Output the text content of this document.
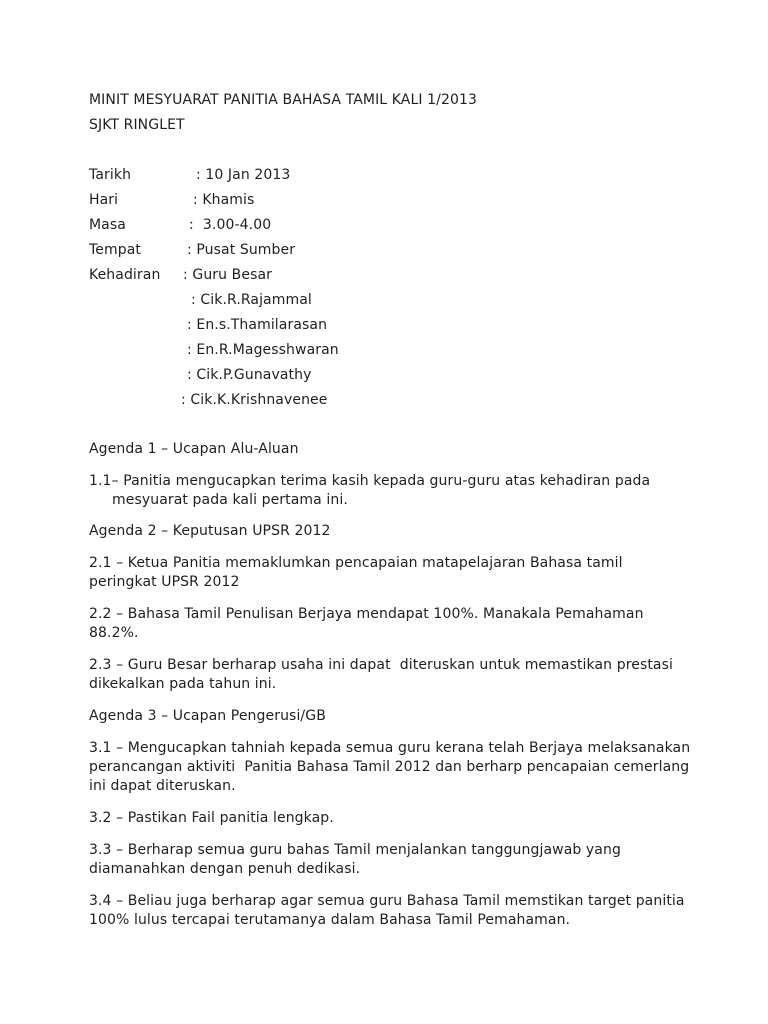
MINIT MESYUARAT PANITIA BAHASA TAMIL KALI 1/2013
SJKT RINGLET
Tarikh	: 10 Jan 2013
Hari	: Khamis
Masa	:  3.00-4.00
Tempat	: Pusat Sumber
Kehadiran : Guru Besar
: Cik.R.Rajammal
: En.s.Thamilarasan
: En.R.Magesshwaran
: Cik.P.Gunavathy
: Cik.K.Krishnavenee
Agenda 1 – Ucapan Alu-Aluan
1.1– Panitia mengucapkan terima kasih kepada guru-guru atas kehadiran pada
mesyuarat pada kali pertama ini.
Agenda 2 – Keputusan UPSR 2012
2.1 – Ketua Panitia memaklumkan pencapaian matapelajaran Bahasa tamil
peringkat UPSR 2012
2.2 – Bahasa Tamil Penulisan Berjaya mendapat 100%. Manakala Pemahaman
88.2%.
2.3 – Guru Besar berharap usaha ini dapat  diteruskan untuk memastikan prestasi
dikekalkan pada tahun ini.
Agenda 3 – Ucapan Pengerusi/GB
3.1 – Mengucapkan tahniah kepada semua guru kerana telah Berjaya melaksanakan
perancangan aktiviti  Panitia Bahasa Tamil 2012 dan berharp pencapaian cemerlang
ini dapat diteruskan.
3.2 – Pastikan Fail panitia lengkap.
3.3 – Berharap semua guru bahas Tamil menjalankan tanggungjawab yang
diamanahkan dengan penuh dedikasi.
3.4 – Beliau juga berharap agar semua guru Bahasa Tamil memstikan target panitia
100% lulus tercapai terutamanya dalam Bahasa Tamil Pemahaman.
